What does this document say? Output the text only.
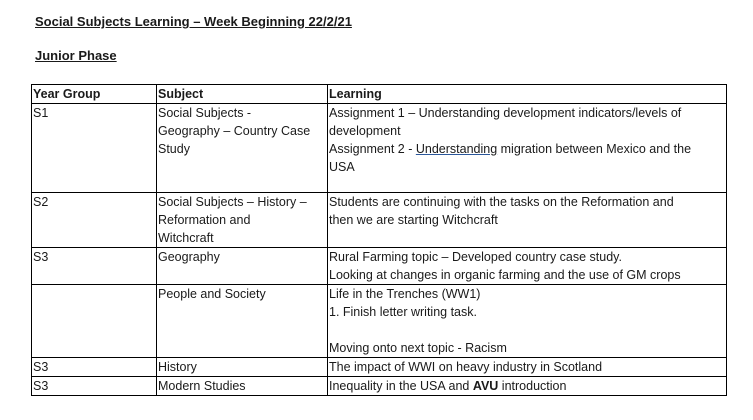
Social Subjects Learning – Week Beginning 22/2/21
Junior Phase
Year Group	Subject	Learning
S1	Social Subjects -
Geography – Country Case
Study	Assignment 1 – Understanding development indicators/levels of
development
Assignment 2 - Understanding migration between Mexico and the
USA

S2	Social Subjects – History –
Reformation and
Witchcraft	Students are continuing with the tasks on the Reformation and
then we are starting Witchcraft

S3	Geography	Rural Farming topic – Developed country case study.
Looking at changes in organic farming and the use of GM crops

	People and Society	Life in the Trenches (WW1)
1. Finish letter writing task.
Moving onto next topic - Racism

S3	History	The impact of WWI on heavy industry in Scotland

S3	Modern Studies	Inequality in the USA and AVU introduction
